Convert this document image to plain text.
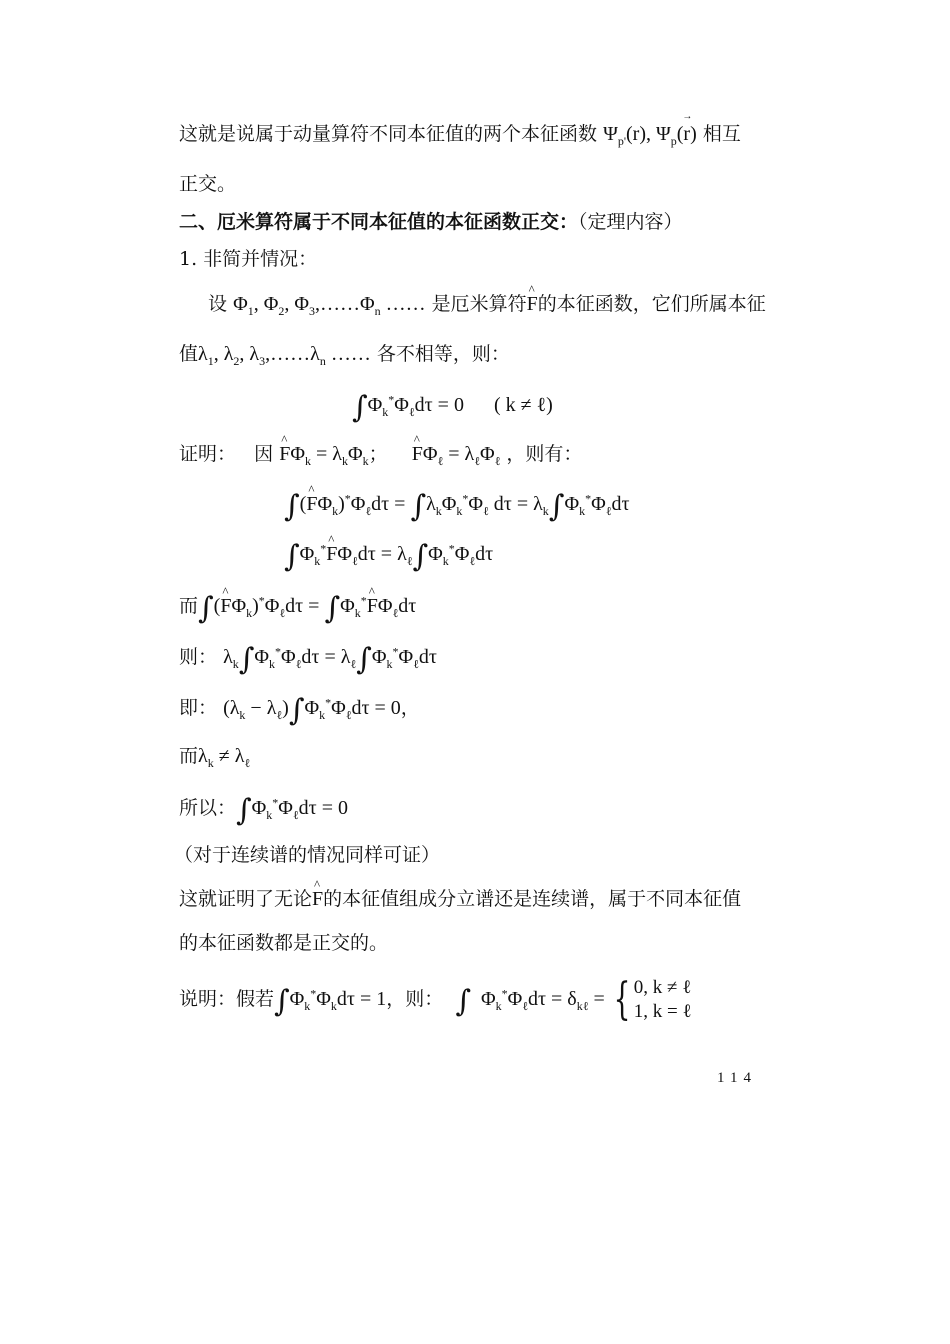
这就是说属于动量算符不同本征值的两个本征函数 $\Psi_{p'}(r)$, $\Psi_p(\to r)$ 相互
正交。
二、厄米算符属于不同本征值的本征函数正交：（定理内容）
1. 非简并情况：
设 $\Phi_1$, $\Phi_2$, $\Phi_3,\dots\dots\Phi_n$ …… 是厄米算符^ F的本征函数，它们所属本征
值$\lambda_1$, $\lambda_2$, $\lambda_3,\dots\dots\lambda_n$ …… 各不相等，则：
$\int\Phi_k^*\Phi_\ell d\tau = 0$      ( k ≠ ℓ)
证明： 因 ^ $F\Phi_k = \lambda_k\Phi_k$； ^ $F\Phi_\ell = \lambda_\ell\Phi_\ell$ ，则有：
∫(^ $F\Phi_k)^*\Phi_\ell d\tau = \int\lambda_k\Phi_k^*\Phi_\ell$ $d\tau = \lambda_k\int\Phi_k^*\Phi_\ell d\tau$
$\int\Phi_k^*\^{}$ $F\Phi_\ell d\tau = \lambda_\ell\int\Phi_k^*\Phi_\ell d\tau$
而∫(^ $F\Phi_k)^*\Phi_\ell d\tau$ = $\int\Phi_k^*\^{}$ $F\Phi_\ell d\tau$
则： $\lambda_k\int\Phi_k^*\Phi_\ell d\tau = \lambda_\ell\int\Phi_k^*\Phi_\ell d\tau$
即： $(\lambda_k - \lambda_\ell)\int\Phi_k^*\Phi_\ell d\tau = 0$，
而$\lambda_k \ne \lambda_\ell$
所以：$\int\Phi_k^*\Phi_\ell d\tau = 0$
（对于连续谱的情况同样可证）
这就证明了无论^ F的本征值组成分立谱还是连续谱，属于不同本征值
的本征函数都是正交的。
说明：假若$\int\Phi_k^*\Phi_kd\tau = 1$，则： ∫  $\Phi_k^*\Phi_\ell d\tau = \delta_{k\ell}$ = { 0, k ≠ ℓ
1, k = ℓ
114
